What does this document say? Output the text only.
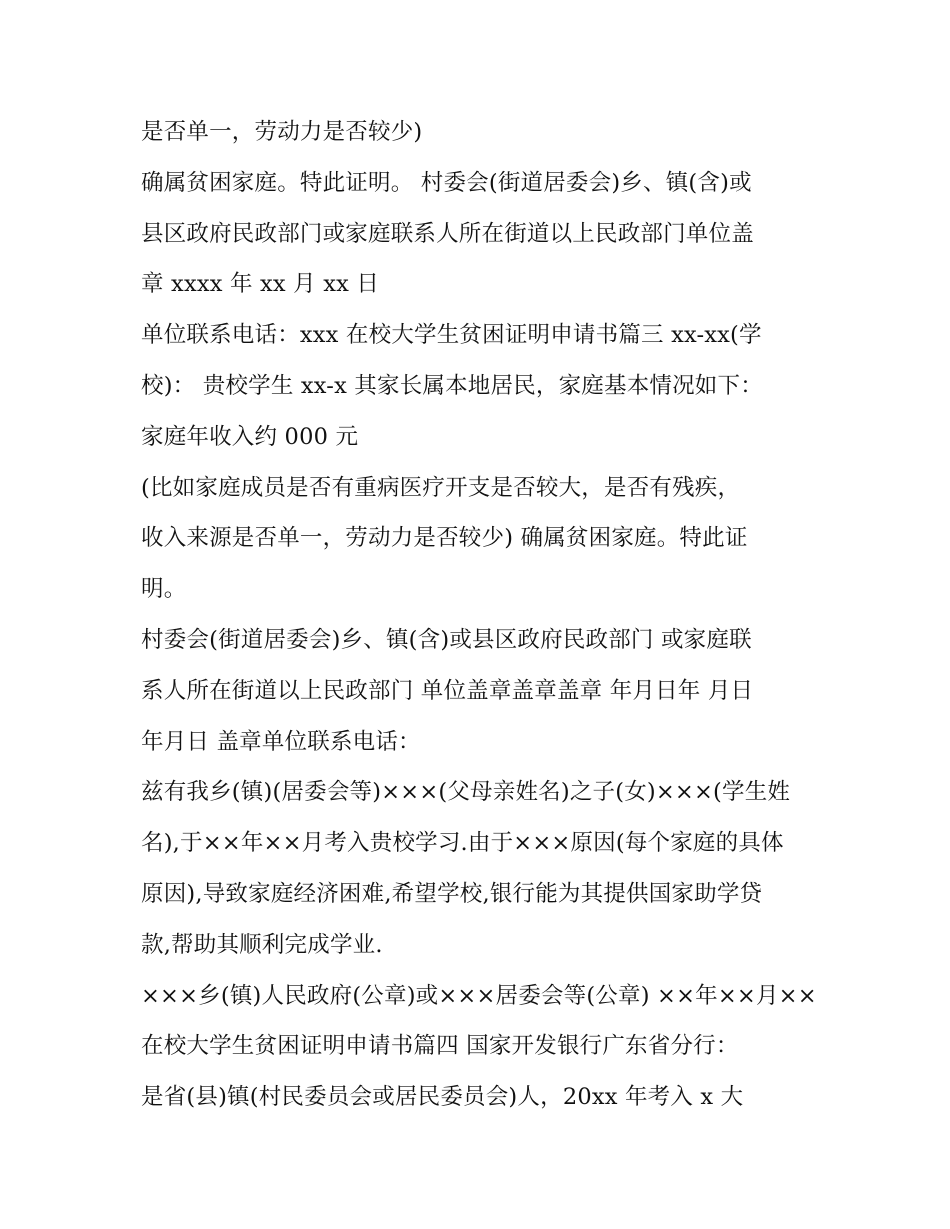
是否单一，劳动力是否较少)
确属贫困家庭。特此证明。 村委会(街道居委会)乡、镇(含)或
县区政府民政部门或家庭联系人所在街道以上民政部门单位盖
章 xxxx 年 xx 月 xx 日
单位联系电话：xxx 在校大学生贫困证明申请书篇三 xx-xx(学
校)： 贵校学生 xx-x 其家长属本地居民，家庭基本情况如下：
家庭年收入约 000 元
(比如家庭成员是否有重病医疗开支是否较大，是否有残疾，
收入来源是否单一，劳动力是否较少) 确属贫困家庭。特此证
明。
村委会(街道居委会)乡、镇(含)或县区政府民政部门 或家庭联
系人所在街道以上民政部门 单位盖章盖章盖章 年月日年 月日
年月日 盖章单位联系电话：
兹有我乡(镇)(居委会等)×××(父母亲姓名)之子(女)×××(学生姓
名),于××年××月考入贵校学习.由于×××原因(每个家庭的具体
原因),导致家庭经济困难,希望学校,银行能为其提供国家助学贷
款,帮助其顺利完成学业.
×××乡(镇)人民政府(公章)或×××居委会等(公章) ××年××月××
在校大学生贫困证明申请书篇四 国家开发银行广东省分行：
是省(县)镇(村民委员会或居民委员会)人，20xx 年考入 x 大
